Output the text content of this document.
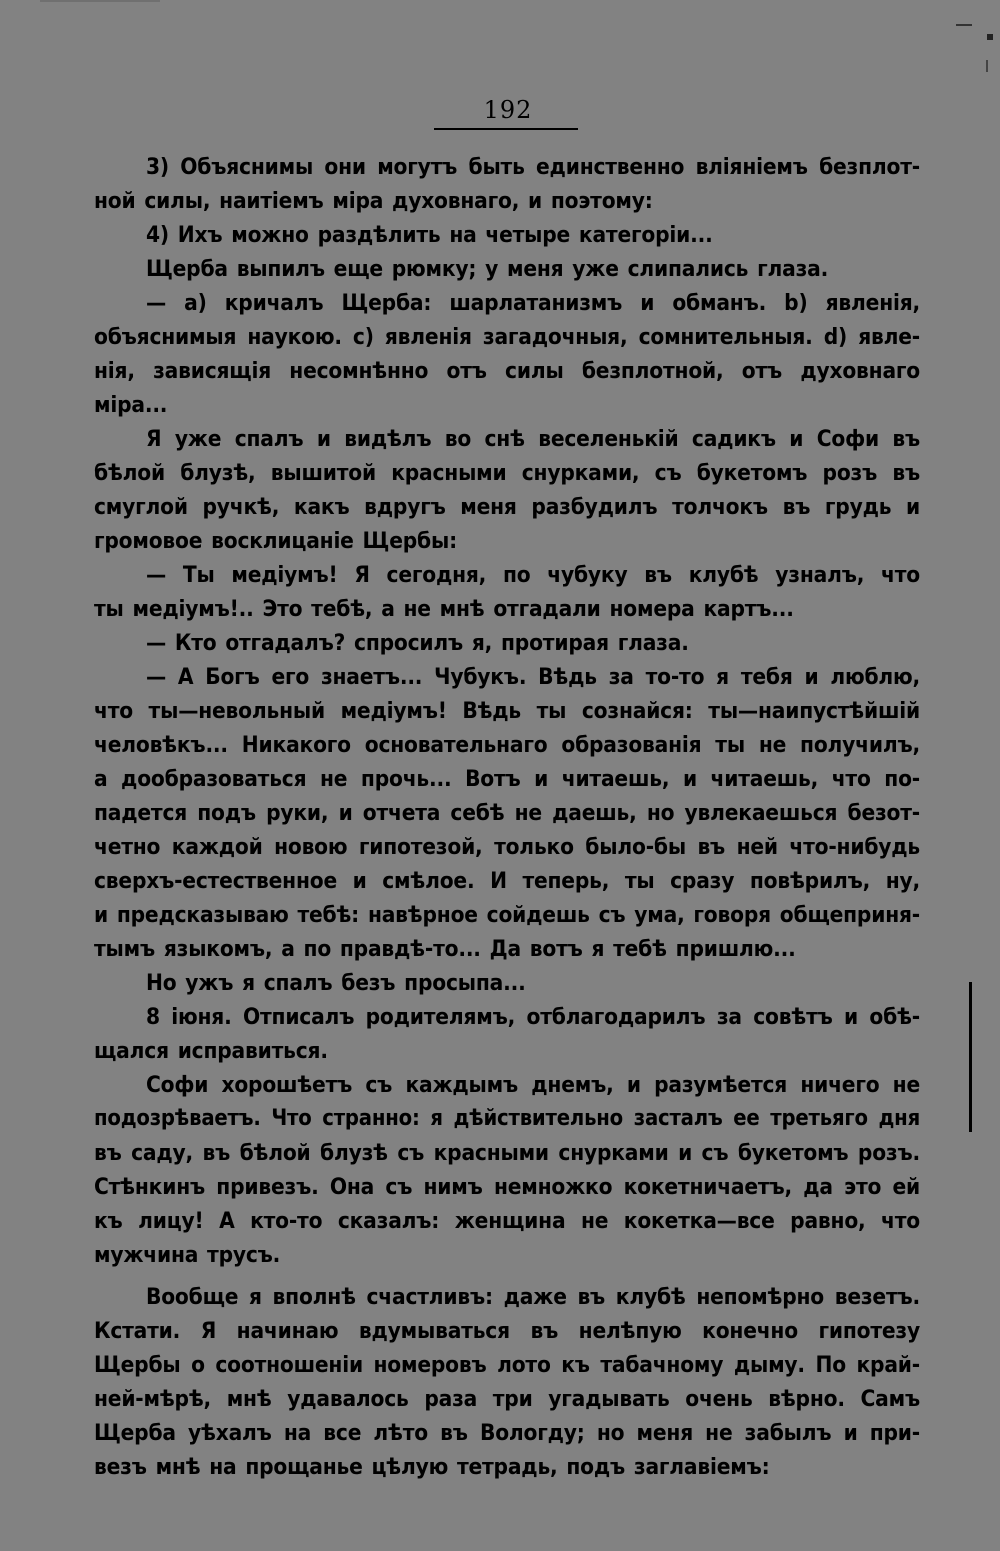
192
3) Объяснимы они могутъ быть единственно вліяніемъ безплот-
ной силы, наитіемъ міра духовнаго, и поэтому:
4) Ихъ можно раздѣлить на четыре категоріи...
Щерба выпилъ еще рюмку; у меня уже слипались глаза.
— а) кричалъ Щерба: шарлатанизмъ и обманъ. b) явленія,
объяснимыя наукою. с) явленія загадочныя, сомнительныя. d) явле-
нія, зависящія несомнѣнно отъ силы безплотной, отъ духовнаго
міра...
Я уже спалъ и видѣлъ во снѣ веселенькій садикъ и Софи въ
бѣлой блузѣ, вышитой красными снурками, съ букетомъ розъ въ
смуглой ручкѣ, какъ вдругъ меня разбудилъ толчокъ въ грудь и
громовое восклицаніе Щербы:
— Ты медіумъ! Я сегодня, по чубуку въ клубѣ узналъ, что
ты медіумъ!.. Это тебѣ, а не мнѣ отгадали номера картъ...
— Кто отгадалъ? спросилъ я, протирая глаза.
— А Богъ его знаетъ... Чубукъ. Вѣдь за то-то я тебя и люблю,
что ты—невольный медіумъ! Вѣдь ты сознайся: ты—наипустѣйшій
человѣкъ... Никакого основательнаго образованія ты не получилъ,
а дообразоваться не прочь... Вотъ и читаешь, и читаешь, что по-
падется подъ руки, и отчета себѣ не даешь, но увлекаешься безот-
четно каждой новою гипотезой, только было-бы въ ней что-нибудь
сверхъ-естественное и смѣлое. И теперь, ты сразу повѣрилъ, ну,
и предсказываю тебѣ: навѣрное сойдешь съ ума, говоря общеприня-
тымъ языкомъ, а по правдѣ-то... Да вотъ я тебѣ пришлю...
Но ужъ я спалъ безъ просыпа...
8 іюня. Отписалъ родителямъ, отблагодарилъ за совѣтъ и обѣ-
щался исправиться.
Софи хорошѣетъ съ каждымъ днемъ, и разумѣется ничего не
подозрѣваетъ. Что странно: я дѣйствительно засталъ ее третьяго дня
въ саду, въ бѣлой блузѣ съ красными снурками и съ букетомъ розъ.
Стѣнкинъ привезъ. Она съ нимъ немножко кокетничаетъ, да это ей
къ лицу! А кто-то сказалъ: женщина не кокетка—все равно, что
мужчина трусъ.
Вообще я вполнѣ счастливъ: даже въ клубѣ непомѣрно везетъ.
Кстати. Я начинаю вдумываться въ нелѣпую конечно гипотезу
Щербы о соотношеніи номеровъ лото къ табачному дыму. По край-
ней-мѣрѣ, мнѣ удавалось раза три угадывать очень вѣрно. Самъ
Щерба уѣхалъ на все лѣто въ Вологду; но меня не забылъ и при-
везъ мнѣ на прощанье цѣлую тетрадь, подъ заглавіемъ:
